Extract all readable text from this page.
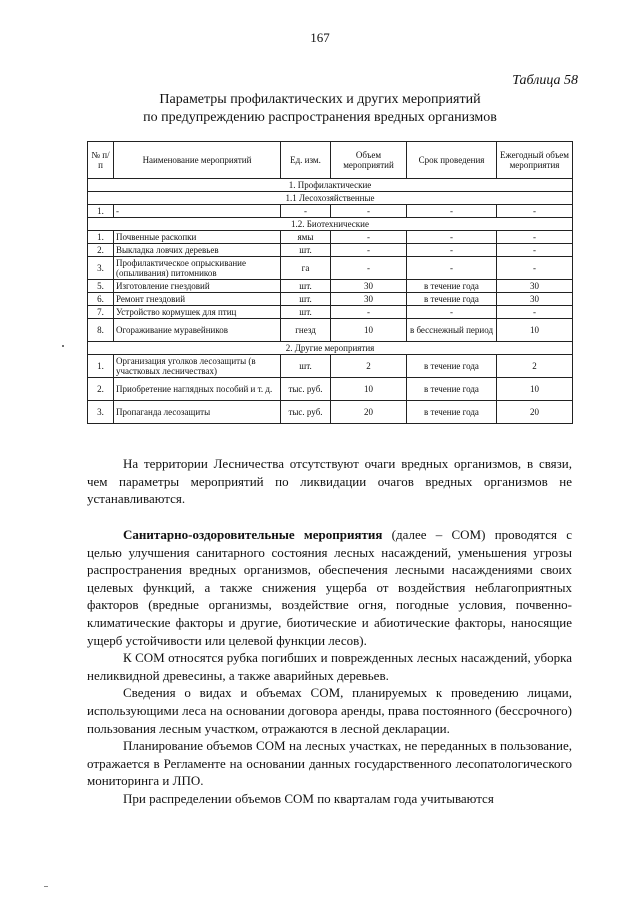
167
Таблица 58
Параметры профилактических и других мероприятий
по предупреждению распространения вредных организмов
№ п/п	Наименование мероприятий	Ед. изм.	Объем мероприятий	Срок проведения	Ежегодный объем мероприятия
1. Профилактические					
1.1 Лесохозяйственные					
1.	-	-	-	-	-
1.2. Биотехнические					
1.	Почвенные раскопки	ямы	-	-	-
2.	Выкладка ловчих деревьев	шт.	-	-	-
3.	Профилактическое опрыскивание (опыливания) питомников	га	-	-	-
5.	Изготовление гнездовий	шт.	30	в течение года	30
6.	Ремонт гнездовий	шт.	30	в течение года	30
7.	Устройство кормушек для птиц	шт.	-	-	-
8.	Огораживание муравейников	гнезд	10	в бесснежный период	10
2. Другие мероприятия					
1.	Организация уголков лесозащиты (в участковых лесничествах)	шт.	2	в течение года	2
2.	Приобретение наглядных пособий и т. д.	тыс. руб.	10	в течение года	10
3.	Пропаганда лесозащиты	тыс. руб.	20	в течение года	20

На территории Лесничества отсутствуют очаги вредных организмов, в связи, чем параметры мероприятий по ликвидации очагов вредных организмов не устанавливаются.

Санитарно-оздоровительные мероприятия (далее – СОМ) проводятся с целью улучшения санитарного состояния лесных насаждений, уменьшения угрозы распространения вредных организмов, обеспечения лесными насаждениями своих целевых функций, а также снижения ущерба от воздействия неблагоприятных факторов (вредные организмы, воздействие огня, погодные условия, почвенно-климатические факторы и другие, биотические и абиотические факторы, наносящие ущерб устойчивости или целевой функции лесов).

К СОМ относятся рубка погибших и поврежденных лесных насаждений, уборка неликвидной древесины, а также аварийных деревьев.

Сведения о видах и объемах СОМ, планируемых к проведению лицами, использующими леса на основании договора аренды, права постоянного (бессрочного) пользования лесным участком, отражаются в лесной декларации.

Планирование объемов СОМ на лесных участках, не переданных в пользование, отражается в Регламенте на основании данных государственного лесопатологического мониторинга и ЛПО.

При распределении объемов СОМ по кварталам года учитываются
